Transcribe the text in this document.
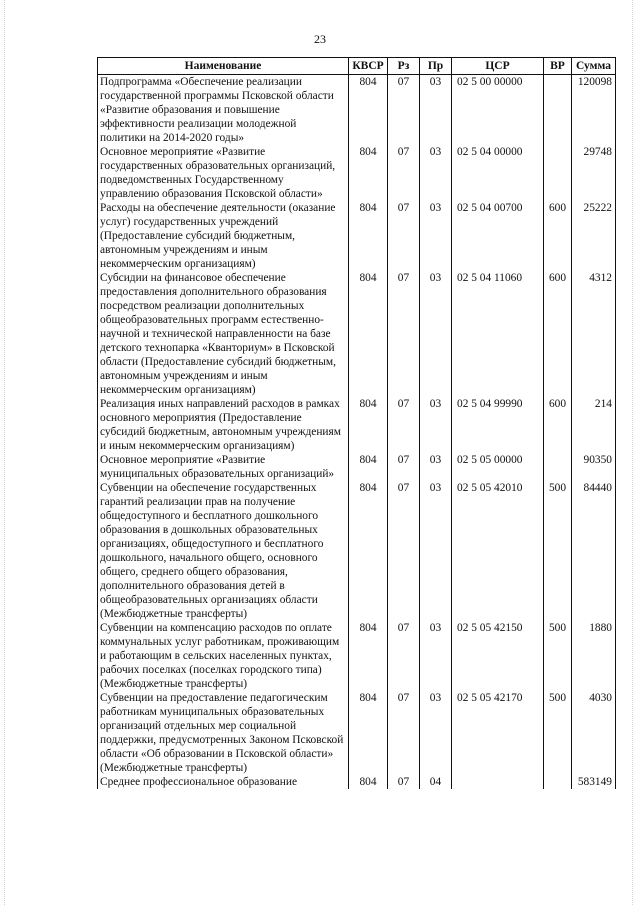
23
Наименование	КВСР	Рз	Пр	ЦСР	ВР	Сумма
Подпрограмма «Обеспечение реализации государственной программы Псковской области «Развитие образования и повышение эффективности реализации молодежной политики на 2014-2020 годы»	804	07	03	02 5 00 00000		120098
Основное мероприятие «Развитие государственных образовательных организаций, подведомственных Государственному управлению образования Псковской области»	804	07	03	02 5 04 00000		29748
Расходы на обеспечение деятельности (оказание услуг) государственных учреждений (Предоставление субсидий бюджетным, автономным учреждениям и иным некоммерческим организациям)	804	07	03	02 5 04 00700	600	25222
Субсидии на финансовое обеспечение предоставления дополнительного образования посредством реализации дополнительных общеобразовательных программ естественно-научной и технической направленности на базе детского технопарка «Кванториум» в Псковской области (Предоставление субсидий бюджетным, автономным учреждениям и иным некоммерческим организациям)	804	07	03	02 5 04 11060	600	4312
Реализация иных направлений расходов в рамках основного мероприятия (Предоставление субсидий бюджетным, автономным учреждениям и иным некоммерческим организациям)	804	07	03	02 5 04 99990	600	214
Основное мероприятие «Развитие муниципальных образовательных организаций»	804	07	03	02 5 05 00000		90350
Субвенции на обеспечение государственных гарантий реализации прав на получение общедоступного и бесплатного дошкольного образования в дошкольных образовательных организациях, общедоступного и бесплатного дошкольного, начального общего, основного общего, среднего общего образования, дополнительного образования детей в общеобразовательных организациях области (Межбюджетные трансферты)	804	07	03	02 5 05 42010	500	84440
Субвенции на компенсацию расходов по оплате коммунальных услуг работникам, проживающим и работающим в сельских населенных пунктах, рабочих поселках (поселках городского типа) (Межбюджетные трансферты)	804	07	03	02 5 05 42150	500	1880
Субвенции на предоставление педагогическим работникам муниципальных образовательных организаций отдельных мер социальной поддержки, предусмотренных Законом Псковской области «Об образовании в Псковской области» (Межбюджетные трансферты)	804	07	03	02 5 05 42170	500	4030
Среднее профессиональное образование	804	07	04			583149
